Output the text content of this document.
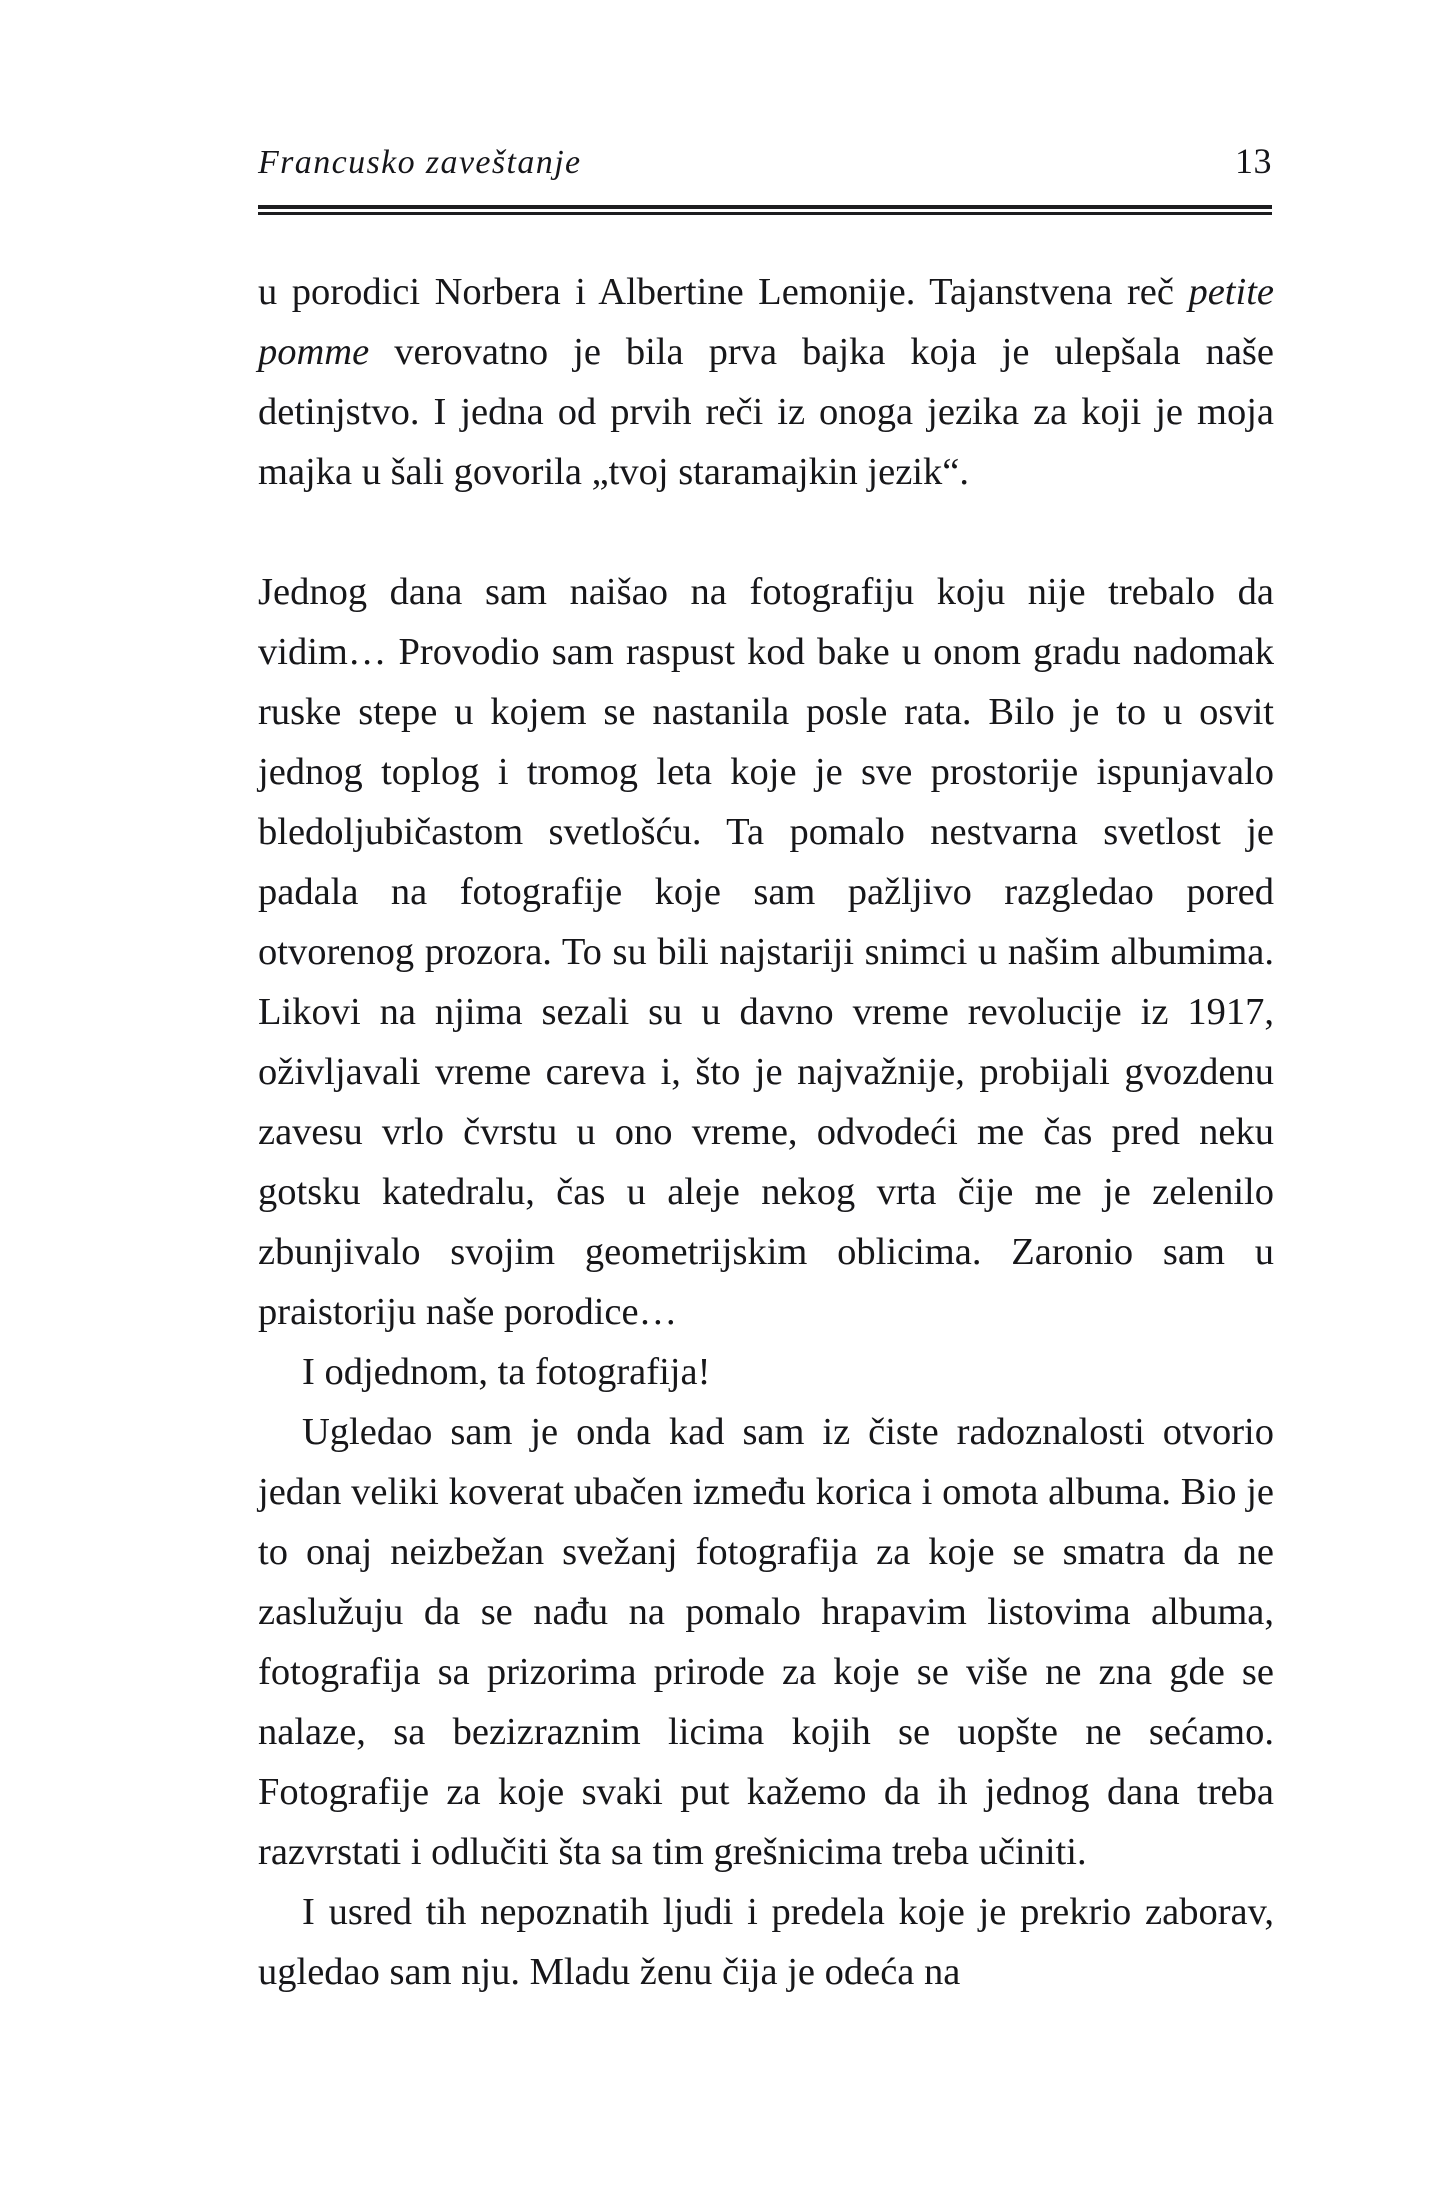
Francusko zaveštanje	13

u porodici Norbera i Albertine Lemonije. Tajanstvena reč petite pomme verovatno je bila prva bajka koja je ulepšala naše detinjstvo. I jedna od prvih reči iz onoga jezika za koji je moja majka u šali govorila „tvoj staramajkin jezik“.

Jednog dana sam naišao na fotografiju koju nije trebalo da vidim… Provodio sam raspust kod bake u onom gradu nadomak ruske stepe u kojem se nastanila posle rata. Bilo je to u osvit jednog toplog i tromog leta koje je sve prostorije ispunjavalo bledoljubičastom svetlošću. Ta pomalo nestvarna svetlost je padala na fotografije koje sam pažljivo razgledao pored otvorenog prozora. To su bili najstariji snimci u našim albumima. Likovi na njima sezali su u davno vreme revolucije iz 1917, oživljavali vreme careva i, što je najvažnije, probijali gvozdenu zavesu vrlo čvrstu u ono vreme, odvodeći me čas pred neku gotsku katedralu, čas u aleje nekog vrta čije me je zelenilo zbunjivalo svojim geometrijskim oblicima. Zaronio sam u praistoriju naše porodice…

I odjednom, ta fotografija!

Ugledao sam je onda kad sam iz čiste radoznalosti otvorio jedan veliki koverat ubačen između korica i omota albuma. Bio je to onaj neizbežan svežanj fotografija za koje se smatra da ne zaslužuju da se nađu na pomalo hrapavim listovima albuma, fotografija sa prizorima prirode za koje se više ne zna gde se nalaze, sa bezizraznim licima kojih se uopšte ne sećamo. Fotografije za koje svaki put kažemo da ih jednog dana treba razvrstati i odlučiti šta sa tim grešnicima treba učiniti.

I usred tih nepoznatih ljudi i predela koje je prekrio zaborav, ugledao sam nju. Mladu ženu čija je odeća na
